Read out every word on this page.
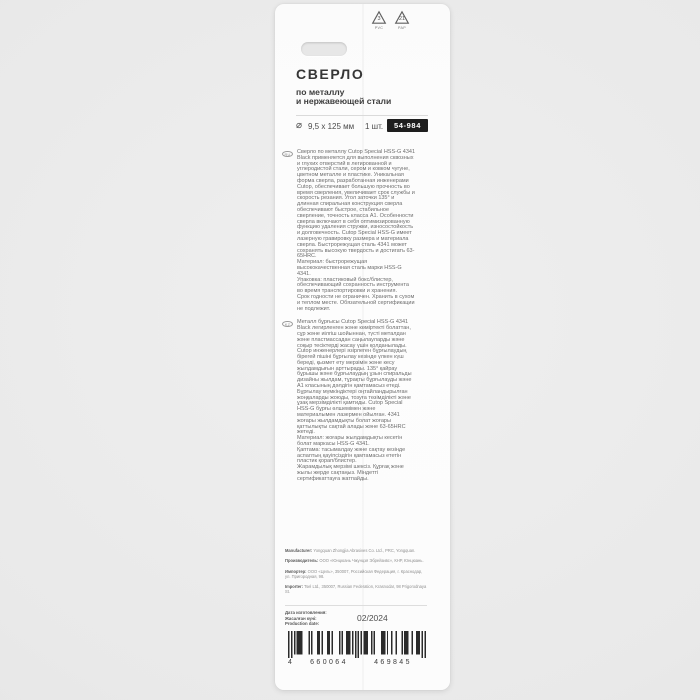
3
PVC
21
PAP
СВЕРЛО
по металлу
и нержавеющей стали
⌀ 9,5 x 125 мм 1 шт.	54-984
RU	Сверло по металлу Cutop Special HSS-G 4341 Black применяется для выполнения сквозных и глухих отверстий в легированной и углеродистой стали, сером и ковком чугуне, цветном металле и пластике. Уникальная форма сверла, разработанная инженерами Cutop, обеспечивает большую прочность во время сверления, увеличивает срок службы и скорость резания. Угол заточки 135° и длинная спиральная конструкция сверла обеспечивают быстрое, стабильное сверление, точность класса А1. Особенности сверла включают в себя оптимизированную функцию удаления стружки, износостойкость и долговечность. Cutop Special HSS-G имеет лазерную гравировку размера и материала сверла. Быстрорежущая сталь 4341 может сохранять высокую твердость и достигать 63-65HRC.

Материал: быстрорежущая высококачественная сталь марки HSS-G 4341.

Упаковка: пластиковый бокс/блистер, обеспечивающий сохранность инструмента во время транспортировки и хранения.

Срок годности не ограничен. Хранить в сухом и теплом месте. Обязательной сертификации не подлежит.

KZ	Металл бұрғысы Cutop Special HSS-G 4341 Black легирленген және көміртекті болаттан, сұр және иілгіш шойыннан, түсті металдан және пластмассадан саңылауларды және соқыр тесіктерді жасау үшін қолданылады. Cutop инженерлері әзірлеген бұрғылаудың бірегей пішіні бұрғылау кезінде үлкен күш береді, қызмет ету мерзімін және кесу жылдамдығын арттырады. 135° қайрау бұрышы және бұрғылаудың ұзын спиральды дизайны жылдам, тұрақты бұрғылауды және А1 класының дәлдігін қамтамасыз етеді. Бұрғылау мүмкіндіктері оңтайландырылған жоңқаларды жоюды, тозуға төзімділікті және ұзақ мерзімділікті қамтиды. Cutop Special HSS-G бұрғы өлшемімен және материалымен лазермен ойылған. 4341 жоғары жылдамдықты болат жоғары қаттылықты сақтай алады және 63-65HRC жетеді.

Материал: жоғары жылдамдықты кесетін болат маркасы HSS-G 4341.

Қаптама: тасымалдау және сақтау кезінде аспаптың қауіпсіздігін қамтамасыз ететін пластик қорап/блистер.

Жарамдылық мерзімі шексіз. Құрғақ және жылы жерде сақтаңыз. Міндетті сертификаттауға жатпайды.

Manufacturer: Yongquan Zhongjia Abrasives Co. Ltd., PRC, Yongquan.

Производитель: ООО «Юнцюань Чжунцзя Эбрейзивс», КНР, Юнцюань.

Импортер: ООО «Цель», 350007, Российская Федерация, г. Краснодар, ул. Пригородная, 98.

Importer: Tsel Ltd., 350007, Russian Federation, Krasnodar, 98 Prigorodnaya St.

Дата изготовления:
Жасалған күні:
Production date:
02/2024
4	660064	469845
